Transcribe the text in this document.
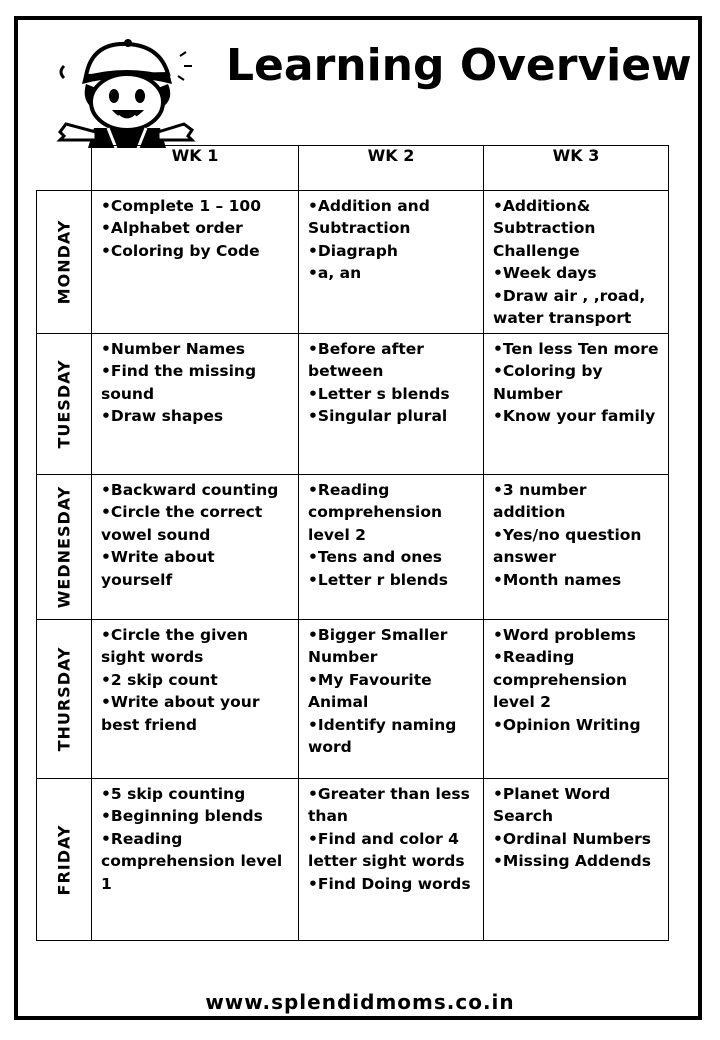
Learning Overview
	WK 1	WK 2	WK 3

MONDAY	•Complete 1 – 100
•Alphabet order
•Coloring by Code	•Addition and Subtraction
•Diagraph
•a, an	•Addition& Subtraction Challenge
•Week days
•Draw air , ,road, water transport

TUESDAY	•Number Names
•Find the missing sound
•Draw shapes	•Before after between
•Letter s blends
•Singular plural	•Ten less Ten more
•Coloring by Number
•Know your family

WEDNESDAY	•Backward counting
•Circle the correct vowel sound
•Write about yourself	•Reading comprehension level 2
•Tens and ones
•Letter r blends	•3 number addition
•Yes/no question answer
•Month names

THURSDAY	•Circle the given sight words
•2 skip count
•Write about your best friend	•Bigger Smaller Number
•My Favourite Animal
•Identify naming word	•Word problems
•Reading comprehension level 2
•Opinion Writing

FRIDAY	•5 skip counting
•Beginning blends
•Reading comprehension level 1	•Greater than less than
•Find and color 4 letter sight words
•Find Doing words	•Planet Word Search
•Ordinal Numbers
•Missing Addends
www.splendidmoms.co.in
